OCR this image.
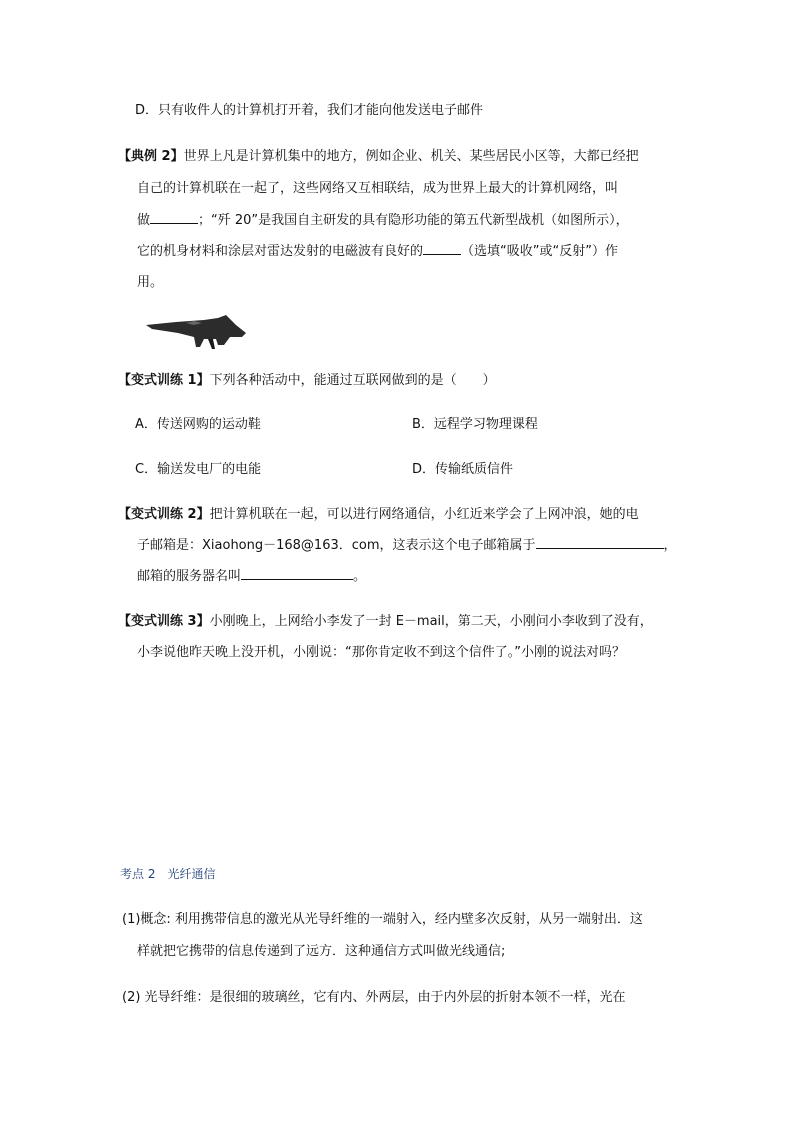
D．只有收件人的计算机打开着，我们才能向他发送电子邮件
【典例 2】世界上凡是计算机集中的地方，例如企业、机关、某些居民小区等，大都已经把
自己的计算机联在一起了，这些网络又互相联结，成为世界上最大的计算机网络，叫
做	；“歼 20”是我国自主研发的具有隐形功能的第五代新型战机（如图所示），
它的机身材料和涂层对雷达发射的电磁波有良好的	（选填“吸收”或“反射”）作
用。
【变式训练 1】下列各种活动中，能通过互联网做到的是（　　）
A．传送网购的运动鞋	B．远程学习物理课程
C．输送发电厂的电能	D．传输纸质信件
【变式训练 2】把计算机联在一起，可以进行网络通信，小红近来学会了上网冲浪，她的电
子邮箱是：Xiaohong－168@163．com，这表示这个电子邮箱属于	，
邮箱的服务器名叫	。
【变式训练 3】小刚晚上，上网给小李发了一封 E－mail，第二天，小刚问小李收到了没有，
小李说他昨天晚上没开机，小刚说：“那你肯定收不到这个信件了。”小刚的说法对吗？
考点 2　光纤通信
(1)概念: 利用携带信息的激光从光导纤维的一端射入，经内壁多次反射，从另一端射出．这
样就把它携带的信息传递到了远方．这种通信方式叫做光线通信;
(2) 光导纤维：是很细的玻璃丝，它有内、外两层，由于内外层的折射本领不一样，光在
